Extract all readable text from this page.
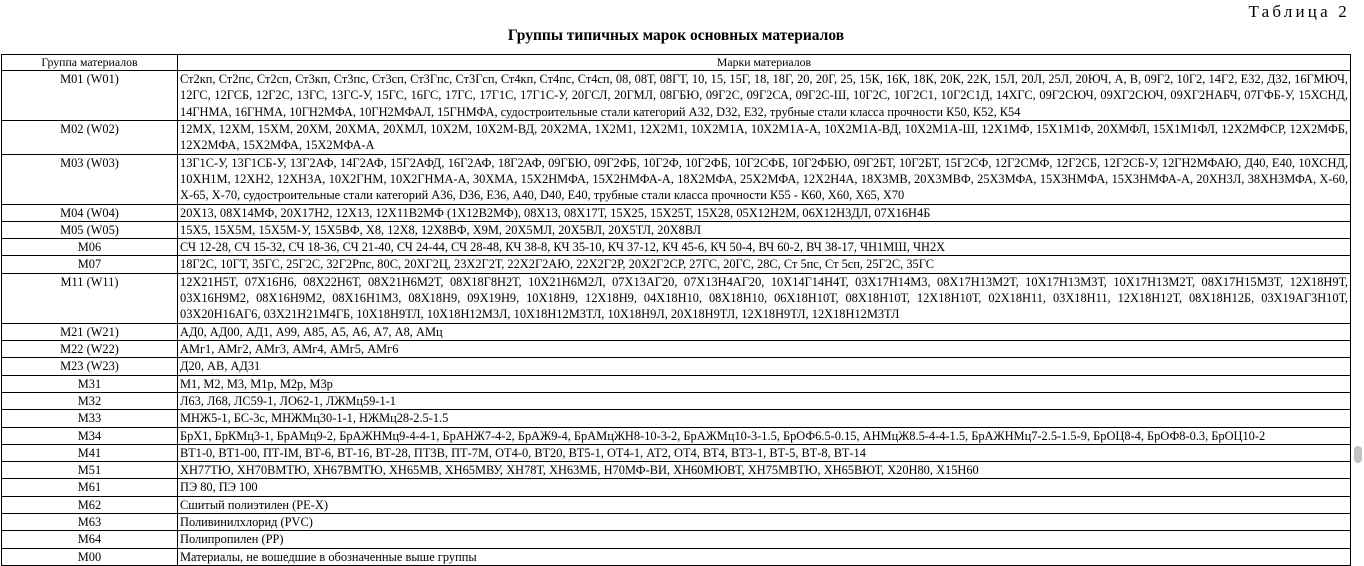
Таблица 2
Группы типичных марок основных материалов
Группа материалов	Марки материалов
М01 (W01)	Ст2кп, Ст2пс, Ст2сп, Ст3кп, Ст3пс, Ст3сп, Ст3Гпс, Ст3Гсп, Ст4кп, Ст4пс, Ст4сп, 08, 08Т, 08ГТ, 10, 15, 15Г, 18, 18Г, 20, 20Г, 25, 15К, 16К, 18К, 20К, 22К, 15Л, 20Л, 25Л, 20ЮЧ, А, В, 09Г2, 10Г2, 14Г2, Е32, Д32, 16ГМЮЧ, 12ГС, 12ГСБ, 12Г2С, 13ГС, 13ГС-У, 15ГС, 16ГС, 17ГС, 17Г1С, 17Г1С-У, 20ГСЛ, 20ГМЛ, 08ГБЮ, 09Г2С, 09Г2СА, 09Г2С-Ш, 10Г2С, 10Г2С1, 10Г2С1Д, 14ХГС, 09Г2СЮЧ, 09ХГ2СЮЧ, 09ХГ2НАБЧ, 07ГФБ-У, 15ХСНД, 14ГНМА, 16ГНМА, 10ГН2МФА, 10ГН2МФАЛ, 15ГНМФА, судостроительные стали категорий А32, D32, Е32, трубные стали класса прочности К50, К52, К54
М02 (W02)	12МХ, 12ХМ, 15ХМ, 20ХМ, 20ХМА, 20ХМЛ, 10Х2М, 10Х2М-ВД, 20Х2МА, 1Х2М1, 12Х2М1, 10Х2М1А, 10Х2М1А-А, 10Х2М1А-ВД, 10Х2М1А-Ш, 12Х1МФ, 15Х1М1Ф, 20ХМФЛ, 15Х1М1ФЛ, 12Х2МФСР, 12Х2МФБ, 12Х2МФА, 15Х2МФА, 15Х2МФА-А
М03 (W03)	13Г1С-У, 13Г1СБ-У, 13Г2АФ, 14Г2АФ, 15Г2АФД, 16Г2АФ, 18Г2АФ, 09ГБЮ, 09Г2ФБ, 10Г2Ф, 10Г2ФБ, 10Г2СФБ, 10Г2ФБЮ, 09Г2БТ, 10Г2БТ, 15Г2СФ, 12Г2СМФ, 12Г2СБ, 12Г2СБ-У, 12ГН2МФАЮ, Д40, Е40, 10ХСНД, 10ХН1М, 12ХН2, 12ХН3А, 10Х2ГНМ, 10Х2ГНМА-А, 30ХМА, 15Х2НМФА, 15Х2НМФА-А, 18Х2МФА, 25Х2МФА, 12Х2Н4А, 18Х3МВ, 20Х3МВФ, 25Х3МФА, 15Х3НМФА, 15Х3НМФА-А, 20ХН3Л, 38ХН3МФА, Х-60, Х-65, Х-70, судостроительные стали категорий А36, D36, Е36, А40, D40, Е40, трубные стали класса прочности К55 - К60, Х60, Х65, Х70
М04 (W04)	20Х13, 08Х14МФ, 20Х17Н2, 12Х13, 12Х11В2МФ (1Х12В2МФ), 08Х13, 08Х17Т, 15Х25, 15Х25Т, 15Х28, 05Х12Н2М, 06Х12Н3ДЛ, 07Х16Н4Б
М05 (W05)	15Х5, 15Х5М, 15Х5М-У, 15Х5ВФ, Х8, 12Х8, 12Х8ВФ, Х9М, 20Х5МЛ, 20Х5ВЛ, 20Х5ТЛ, 20Х8ВЛ
М06	СЧ 12-28, СЧ 15-32, СЧ 18-36, СЧ 21-40, СЧ 24-44, СЧ 28-48, КЧ 38-8, КЧ 35-10, КЧ 37-12, КЧ 45-6, КЧ 50-4, ВЧ 60-2, ВЧ 38-17, ЧН1МШ, ЧН2Х
М07	18Г2С, 10ГТ, 35ГС, 25Г2С, 32Г2Рпс, 80С, 20ХГ2Ц, 23Х2Г2Т, 22Х2Г2АЮ, 22Х2Г2Р, 20Х2Г2СР, 27ГС, 20ГС, 28С, Ст 5пс, Ст 5сп, 25Г2С, 35ГС
М11 (W11)	12Х21Н5Т, 07Х16Н6, 08Х22Н6Т, 08Х21Н6М2Т, 08Х18Г8Н2Т, 10Х21Н6М2Л, 07Х13АГ20, 07Х13Н4АГ20, 10Х14Г14Н4Т, 03Х17Н14М3, 08Х17Н13М2Т, 10Х17Н13М3Т, 10Х17Н13М2Т, 08Х17Н15М3Т, 12Х18Н9Т, 03Х16Н9М2, 08Х16Н9М2, 08Х16Н1М3, 08Х18Н9, 09Х19Н9, 10Х18Н9, 12Х18Н9, 04Х18Н10, 08Х18Н10, 06Х18Н10Т, 08Х18Н10Т, 12Х18Н10Т, 02Х18Н11, 03Х18Н11, 12Х18Н12Т, 08Х18Н12Б, 03Х19АГ3Н10Т, 03Х20Н16АГ6, 03Х21Н21М4ГБ, 10Х18Н9ТЛ, 10Х18Н12М3Л, 10Х18Н12М3ТЛ, 10Х18Н9Л, 20Х18Н9ТЛ, 12Х18Н9ТЛ, 12Х18Н12М3ТЛ
М21 (W21)	АД0, АД00, АД1, А99, А85, А5, А6, А7, А8, АМц
М22 (W22)	АМг1, АМг2, АМг3, АМг4, АМг5, АМг6
М23 (W23)	Д20, АВ, АД31
М31	М1, М2, М3, М1р, М2р, М3р
М32	Л63, Л68, ЛС59-1, ЛО62-1, ЛЖМц59-1-1
М33	МНЖ5-1, БС-3с, МНЖМц30-1-1, НЖМц28-2.5-1.5
М34	БрХ1, БрКМц3-1, БрАМц9-2, БрАЖНМц9-4-4-1, БрАНЖ7-4-2, БрАЖ9-4, БрАМцЖН8-10-3-2, БрАЖМц10-3-1.5, БрОФ6.5-0.15, АНМцЖ8.5-4-4-1.5, БрАЖНМц7-2.5-1.5-9, БрОЦ8-4, БрОФ8-0.3, БрОЦ10-2
М41	ВТ1-0, ВТ1-00, ПТ-IМ, ВТ-6, ВТ-16, ВТ-28, ПТ3В, ПТ-7М, ОТ4-0, ВТ20, ВТ5-1, ОТ4-1, АТ2, ОТ4, ВТ4, ВТ3-1, ВТ-5, ВТ-8, ВТ-14
М51	ХН77ТЮ, ХН70ВМТЮ, ХН67ВМТЮ, ХН65МВ, ХН65МВУ, ХН78Т, ХН63МБ, Н70МФ-ВИ, ХН60МЮВТ, ХН75МВТЮ, ХН65ВЮТ, Х20Н80, Х15Н60
М61	ПЭ 80, ПЭ 100
М62	Сшитый полиэтилен (PE-X)
М63	Поливинилхлорид (PVC)
М64	Полипропилен (PP)
М00	Материалы, не вошедшие в обозначенные выше группы
